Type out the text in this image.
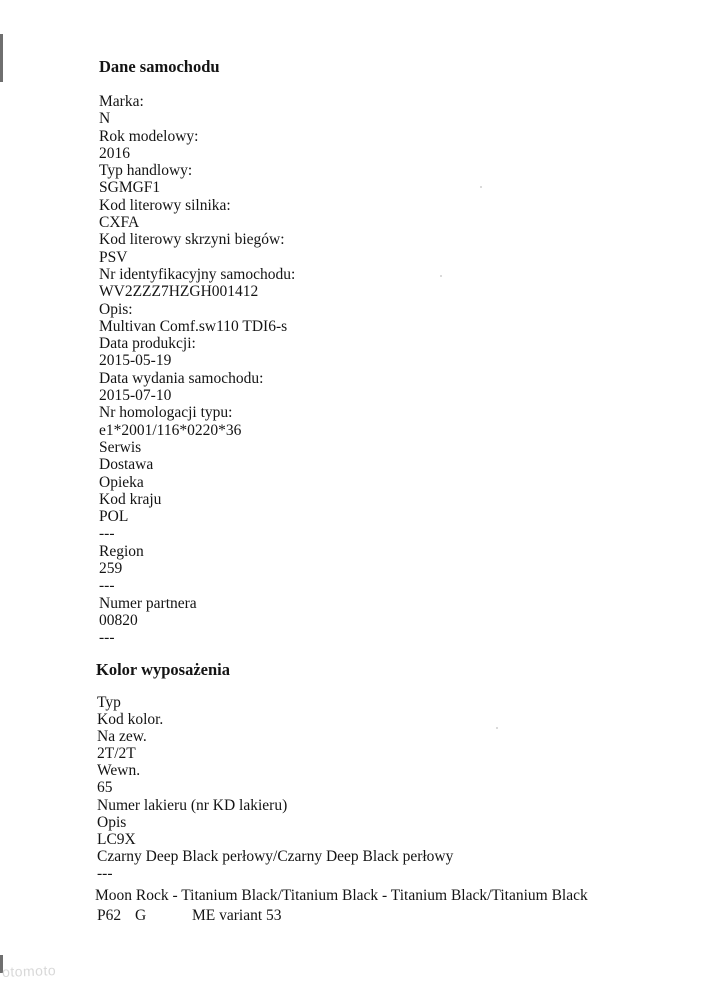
Dane samochodu
Marka:
N
Rok modelowy:
2016
Typ handlowy:
SGMGF1
Kod literowy silnika:
CXFA
Kod literowy skrzyni biegów:
PSV
Nr identyfikacyjny samochodu:
WV2ZZZ7HZGH001412
Opis:
Multivan Comf.sw110 TDI6-s
Data produkcji:
2015-05-19
Data wydania samochodu:
2015-07-10
Nr homologacji typu:
e1*2001/116*0220*36
Serwis
Dostawa
Opieka
Kod kraju
POL
---
Region
259
---
Numer partnera
00820
---
Kolor wyposażenia
Typ
Kod kolor.
Na zew.
2T/2T
Wewn.
65
Numer lakieru (nr KD lakieru)
Opis
LC9X
Czarny Deep Black perłowy/Czarny Deep Black perłowy
---
Moon Rock - Titanium Black/Titanium Black - Titanium Black/Titanium Black
P62 G	ME variant 53
otomoto
